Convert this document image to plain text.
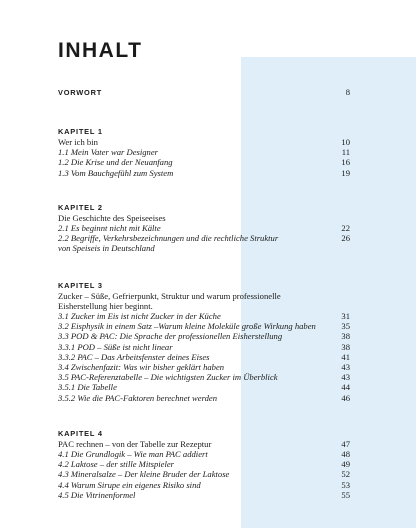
INHALT
VORWORT	8
KAPITEL 1
Wer ich bin	10
1.1 Mein Vater war Designer	11
1.2 Die Krise und der Neuanfang	16
1.3 Vom Bauchgefühl zum System	19
KAPITEL 2
Die Geschichte des Speiseeises
2.1 Es beginnt nicht mit Kälte	22
2.2 Begriffe, Verkehrsbezeichnungen und die rechtliche Struktur	26
von Speiseis in Deutschland
KAPITEL 3
Zucker – Süße, Gefrierpunkt, Struktur und warum professionelle
Eisherstellung hier beginnt.
3.1 Zucker im Eis ist nicht Zucker in der Küche	31
3.2 Eisphysik in einem Satz –Warum kleine Moleküle große Wirkung haben	35
3.3 POD & PAC: Die Sprache der professionellen Eisherstellung	38
3.3.1 POD – Süße ist nicht linear	38
3.3.2 PAC – Das Arbeitsfenster deines Eises	41
3.4 Zwischenfazit: Was wir bisher geklärt haben	43
3.5 PAC-Referenztabelle – Die wichtigsten Zucker im Überblick	43
3.5.1 Die Tabelle	44
3.5.2 Wie die PAC-Faktoren berechnet werden	46
KAPITEL 4
PAC rechnen – von der Tabelle zur Rezeptur	47
4.1 Die Grundlogik – Wie man PAC addiert	48
4.2 Laktose – der stille Mitspieler	49
4.3 Mineralsalze – Der kleine Bruder der Laktose	52
4.4 Warum Sirupe ein eigenes Risiko sind	53
4.5 Die Vitrinenformel	55
